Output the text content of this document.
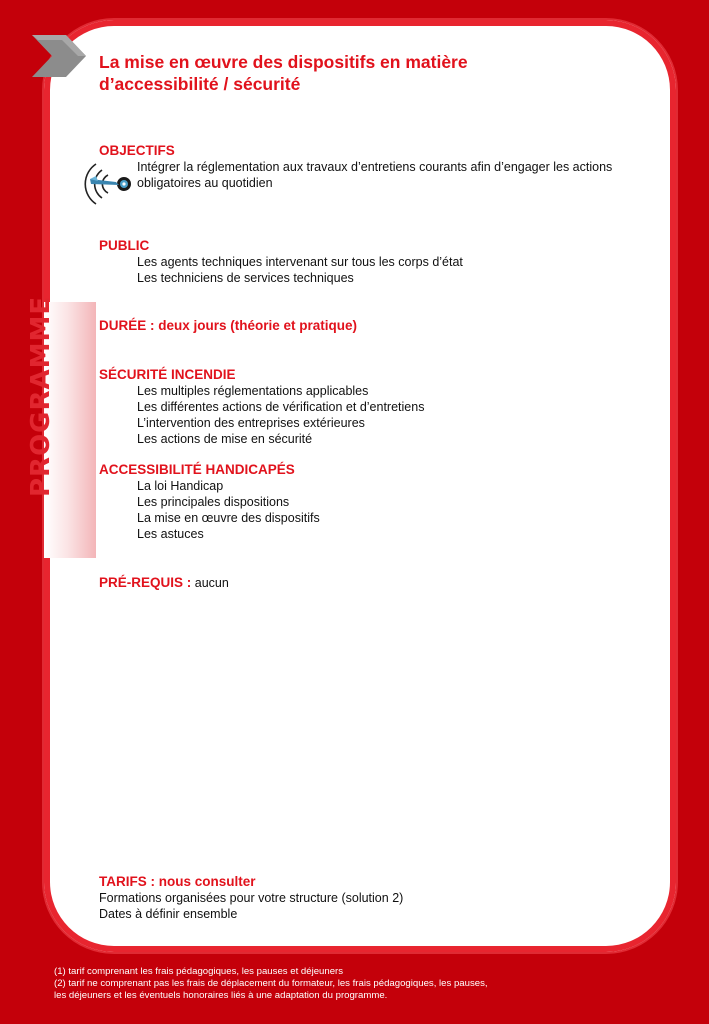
PROGRAMME
La mise en œuvre des dispositifs en matière
d’accessibilité / sécurité
OBJECTIFS
Intégrer la réglementation aux travaux d’entretiens courants afin d’engager les actions
obligatoires au quotidien
PUBLIC
Les agents techniques intervenant sur tous les corps d’état
Les techniciens de services techniques
DURÉE : deux jours (théorie et pratique)
SÉCURITÉ INCENDIE
Les multiples réglementations applicables
Les différentes actions de vérification et d’entretiens
L’intervention des entreprises extérieures
Les actions de mise en sécurité
ACCESSIBILITÉ HANDICAPÉS
La loi Handicap
Les principales dispositions
La mise en œuvre des dispositifs
Les astuces
PRÉ-REQUIS : aucun
TARIFS : nous consulter
Formations organisées pour votre structure (solution 2)
Dates à définir ensemble
(1) tarif comprenant les frais pédagogiques, les pauses et déjeuners
(2) tarif ne comprenant pas les frais de déplacement du formateur, les frais pédagogiques, les pauses,
les déjeuners et les éventuels honoraires liés à une adaptation du programme.
